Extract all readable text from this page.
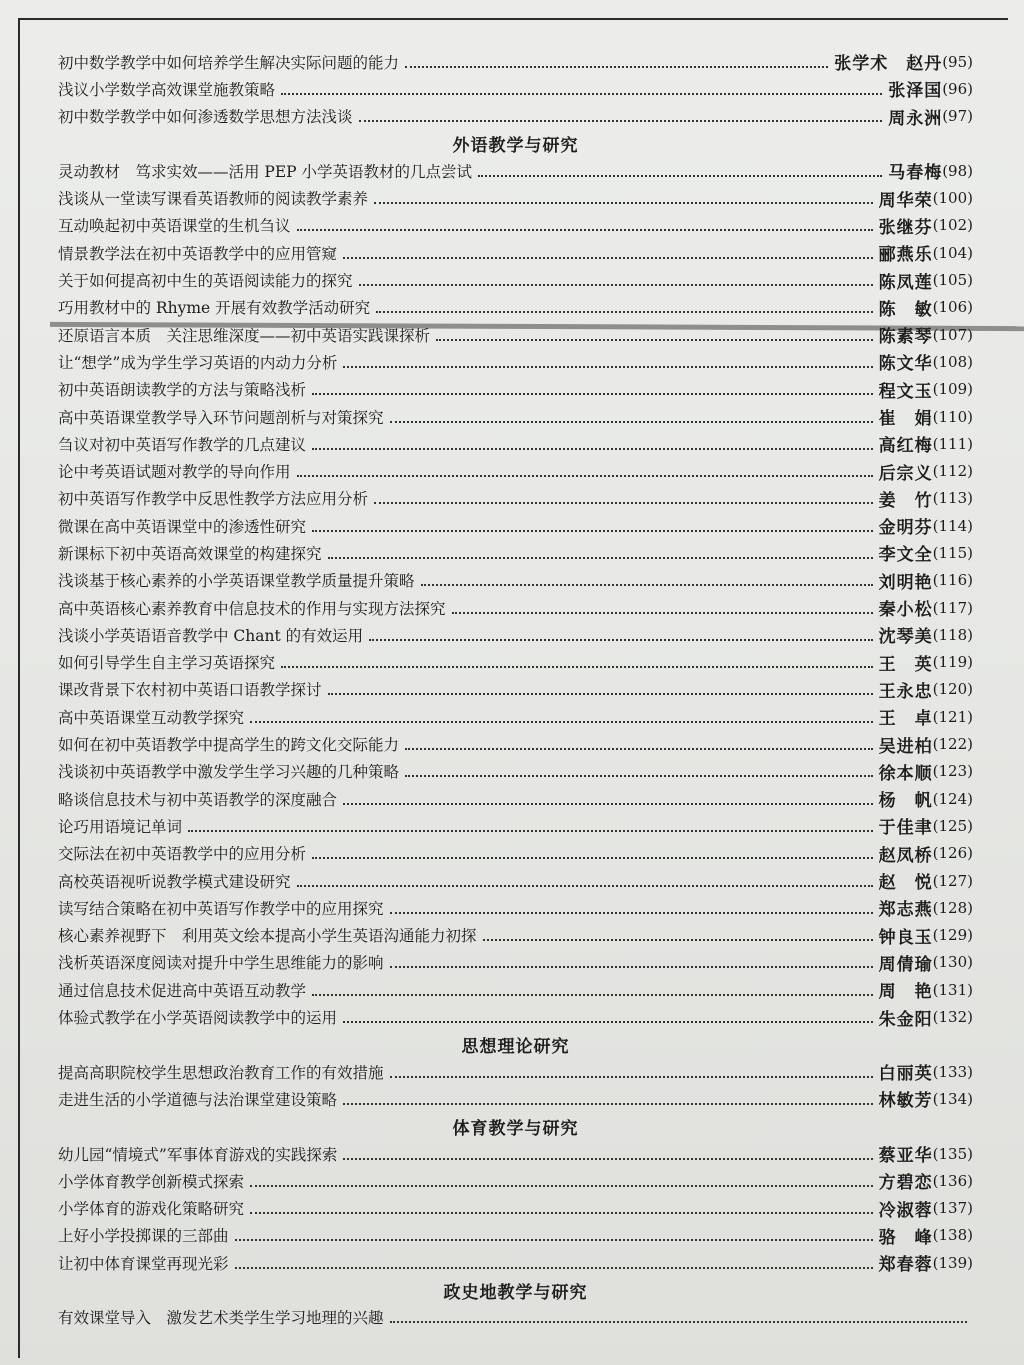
初中数学教学中如何培养学生解决实际问题的能力	张学术　赵丹 (95)
浅议小学数学高效课堂施教策略	张泽国 (96)
初中数学教学中如何渗透数学思想方法浅谈	周永洲 (97)
外语教学与研究
灵动教材　笃求实效——活用 PEP 小学英语教材的几点尝试	马春梅 (98)
浅谈从一堂读写课看英语教师的阅读教学素养	周华荣 (100)
互动唤起初中英语课堂的生机刍议	张继芬 (102)
情景教学法在初中英语教学中的应用管窥	郦燕乐 (104)
关于如何提高初中生的英语阅读能力的探究	陈凤莲 (105)
巧用教材中的 Rhyme 开展有效教学活动研究	陈　敏 (106)
还原语言本质　关注思维深度——初中英语实践课探析	陈素琴 (107)
让“想学”成为学生学习英语的内动力分析	陈文华 (108)
初中英语朗读教学的方法与策略浅析	程文玉 (109)
高中英语课堂教学导入环节问题剖析与对策探究	崔　娟 (110)
刍议对初中英语写作教学的几点建议	高红梅 (111)
论中考英语试题对教学的导向作用	后宗义 (112)
初中英语写作教学中反思性教学方法应用分析	姜　竹 (113)
微课在高中英语课堂中的渗透性研究	金明芬 (114)
新课标下初中英语高效课堂的构建探究	李文全 (115)
浅谈基于核心素养的小学英语课堂教学质量提升策略	刘明艳 (116)
高中英语核心素养教育中信息技术的作用与实现方法探究	秦小松 (117)
浅谈小学英语语音教学中 Chant 的有效运用	沈琴美 (118)
如何引导学生自主学习英语探究	王　英 (119)
课改背景下农村初中英语口语教学探讨	王永忠 (120)
高中英语课堂互动教学探究	王　卓 (121)
如何在初中英语教学中提高学生的跨文化交际能力	吴进柏 (122)
浅谈初中英语教学中激发学生学习兴趣的几种策略	徐本顺 (123)
略谈信息技术与初中英语教学的深度融合	杨　帆 (124)
论巧用语境记单词	于佳聿 (125)
交际法在初中英语教学中的应用分析	赵凤桥 (126)
高校英语视听说教学模式建设研究	赵　悦 (127)
读写结合策略在初中英语写作教学中的应用探究	郑志燕 (128)
核心素养视野下　利用英文绘本提高小学生英语沟通能力初探	钟良玉 (129)
浅析英语深度阅读对提升中学生思维能力的影响	周倩瑜 (130)
通过信息技术促进高中英语互动教学	周　艳 (131)
体验式教学在小学英语阅读教学中的运用	朱金阳 (132)
思想理论研究
提高高职院校学生思想政治教育工作的有效措施	白丽英 (133)
走进生活的小学道德与法治课堂建设策略	林敏芳 (134)
体育教学与研究
幼儿园“情境式”军事体育游戏的实践探索	蔡亚华 (135)
小学体育教学创新模式探索	方碧恋 (136)
小学体育的游戏化策略研究	冷淑蓉 (137)
上好小学投掷课的三部曲	骆　峰 (138)
让初中体育课堂再现光彩	郑春蓉 (139)
政史地教学与研究
有效课堂导入　激发艺术类学生学习地理的兴趣
